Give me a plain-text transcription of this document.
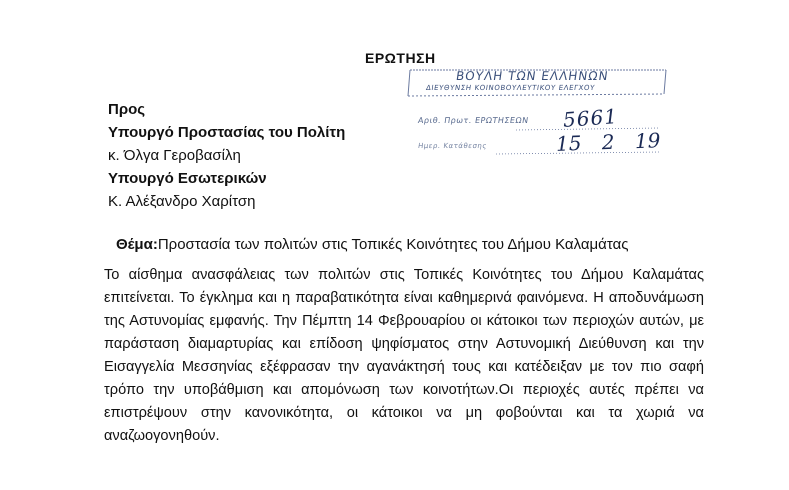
ΕΡΩΤΗΣΗ
Προς
Υπουργό Προστασίας του Πολίτη
κ. Όλγα Γεροβασίλη
Υπουργό Εσωτερικών
Κ. Αλέξανδρο Χαρίτση
ΒΟΥΛΗ ΤΩΝ ΕΛΛΗΝΩΝ
ΔΙΕΥΘΥΝΣΗ ΚΟΙΝΟΒΟΥΛΕΥΤΙΚΟΥ ΕΛΕΓΧΟΥ
Αριθ. Πρωτ. ΕΡΩΤΗΣΕΩΝ
Ημερ. Κατάθεσης
5661
15 2 19
Θέμα:Προστασία των πολιτών στις Τοπικές Κοινότητες του Δήμου Καλαμάτας
Το αίσθημα ανασφάλειας των πολιτών στις Τοπικές Κοινότητες του Δήμου Καλαμάτας επιτείνεται. Το έγκλημα και η παραβατικότητα είναι καθημερινά φαινόμενα. Η αποδυνάμωση της Αστυνομίας εμφανής. Την Πέμπτη 14 Φεβρουαρίου οι κάτοικοι των περιοχών αυτών, με παράσταση διαμαρτυρίας και επίδοση ψηφίσματος στην Αστυνομική Διεύθυνση και την Εισαγγελία Μεσσηνίας εξέφρασαν την αγανάκτησή τους και κατέδειξαν με τον πιο σαφή τρόπο την υποβάθμιση και απομόνωση των κοινοτήτων.Οι περιοχές αυτές πρέπει να επιστρέψουν στην κανονικότητα, οι κάτοικοι να μη φοβούνται και τα χωριά να αναζωογονηθούν.
